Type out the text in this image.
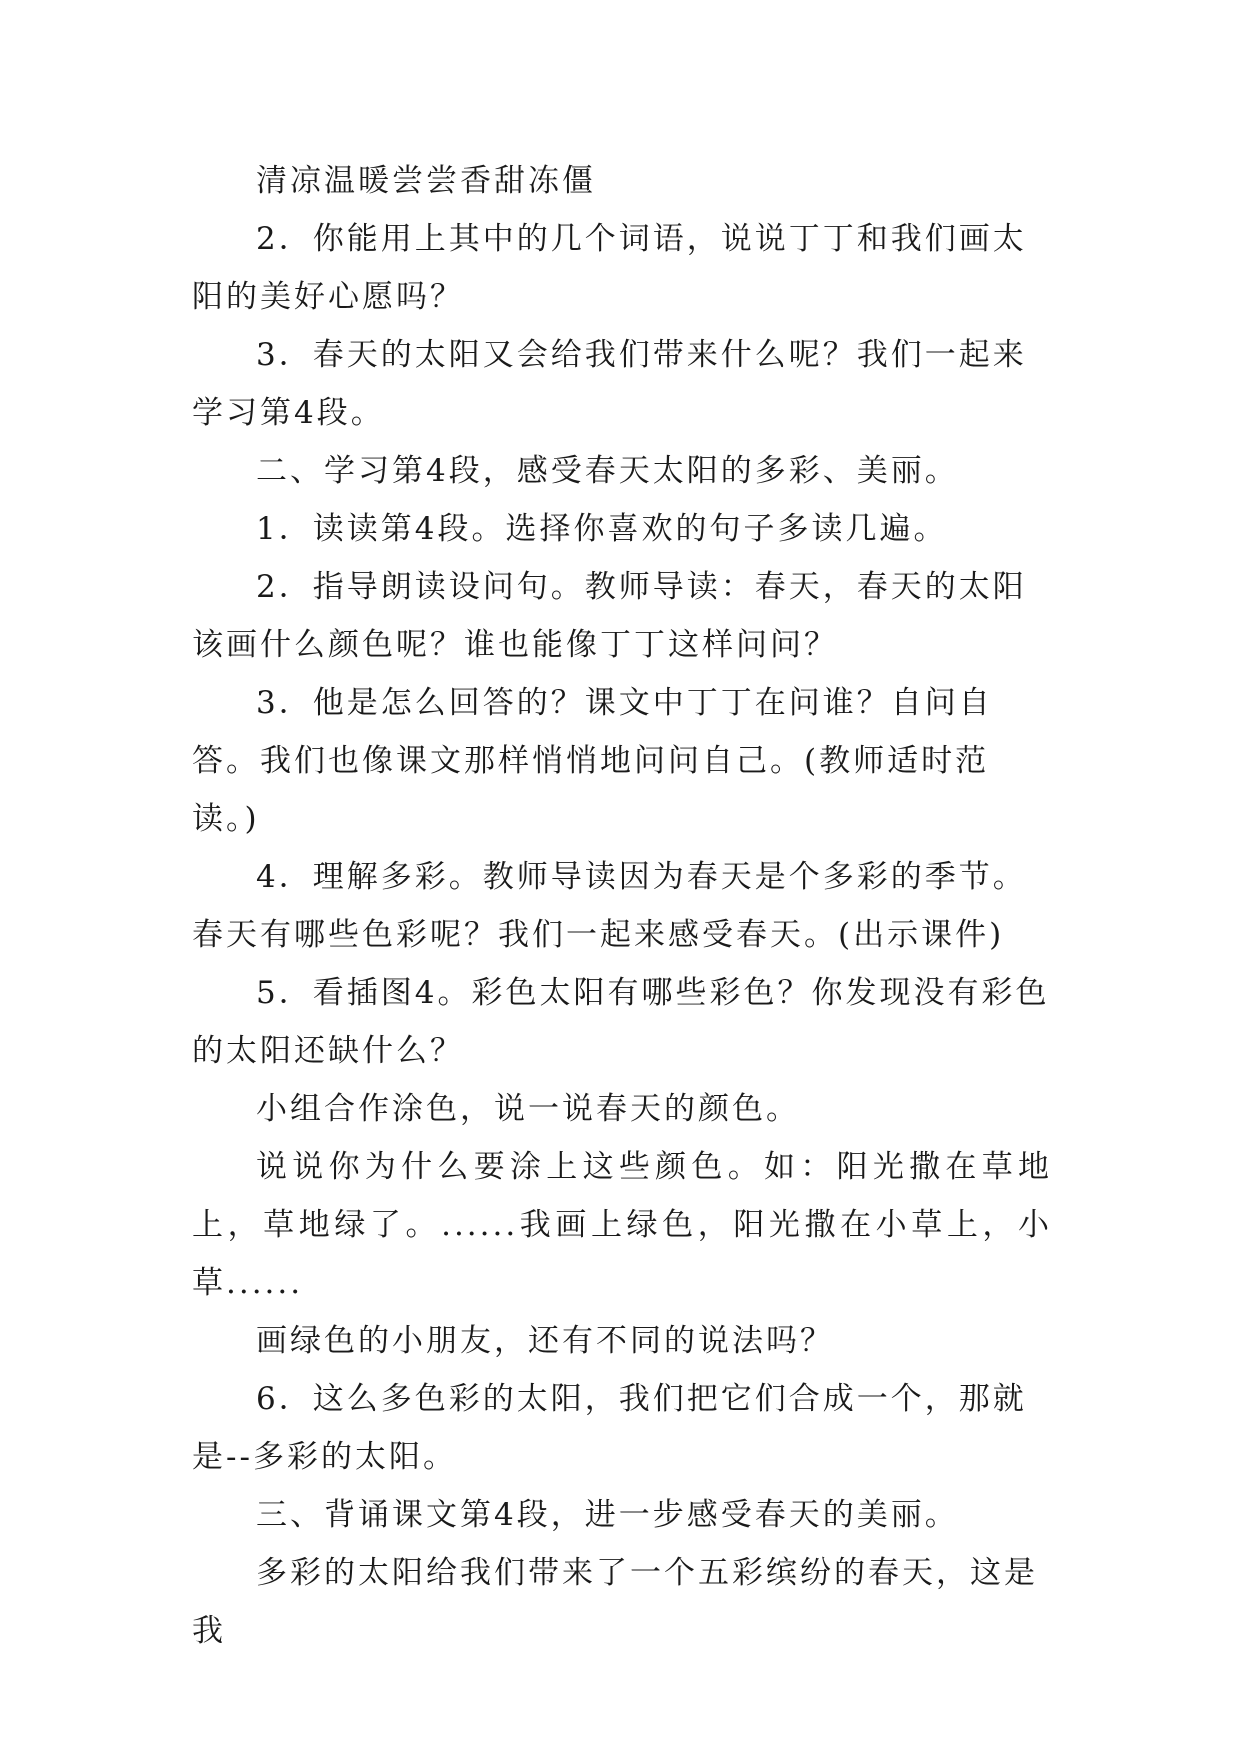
清凉温暖尝尝香甜冻僵

2．你能用上其中的几个词语，说说丁丁和我们画太阳的美好心愿吗？

3．春天的太阳又会给我们带来什么呢？我们一起来学习第4段。

二、学习第4段，感受春天太阳的多彩、美丽。

1．读读第4段。选择你喜欢的句子多读几遍。

2．指导朗读设问句。教师导读：春天，春天的太阳该画什么颜色呢？谁也能像丁丁这样问问？

3．他是怎么回答的？课文中丁丁在问谁？自问自答。我们也像课文那样悄悄地问问自己。(教师适时范读。)

4．理解多彩。教师导读因为春天是个多彩的季节。春天有哪些色彩呢？我们一起来感受春天。(出示课件)

5．看插图4。彩色太阳有哪些彩色？你发现没有彩色的太阳还缺什么？

小组合作涂色，说一说春天的颜色。

说说你为什么要涂上这些颜色。如：阳光撒在草地上，草地绿了。......我画上绿色，阳光撒在小草上，小草......

画绿色的小朋友，还有不同的说法吗？

6．这么多色彩的太阳，我们把它们合成一个，那就是--多彩的太阳。

三、背诵课文第4段，进一步感受春天的美丽。

多彩的太阳给我们带来了一个五彩缤纷的春天，这是我
